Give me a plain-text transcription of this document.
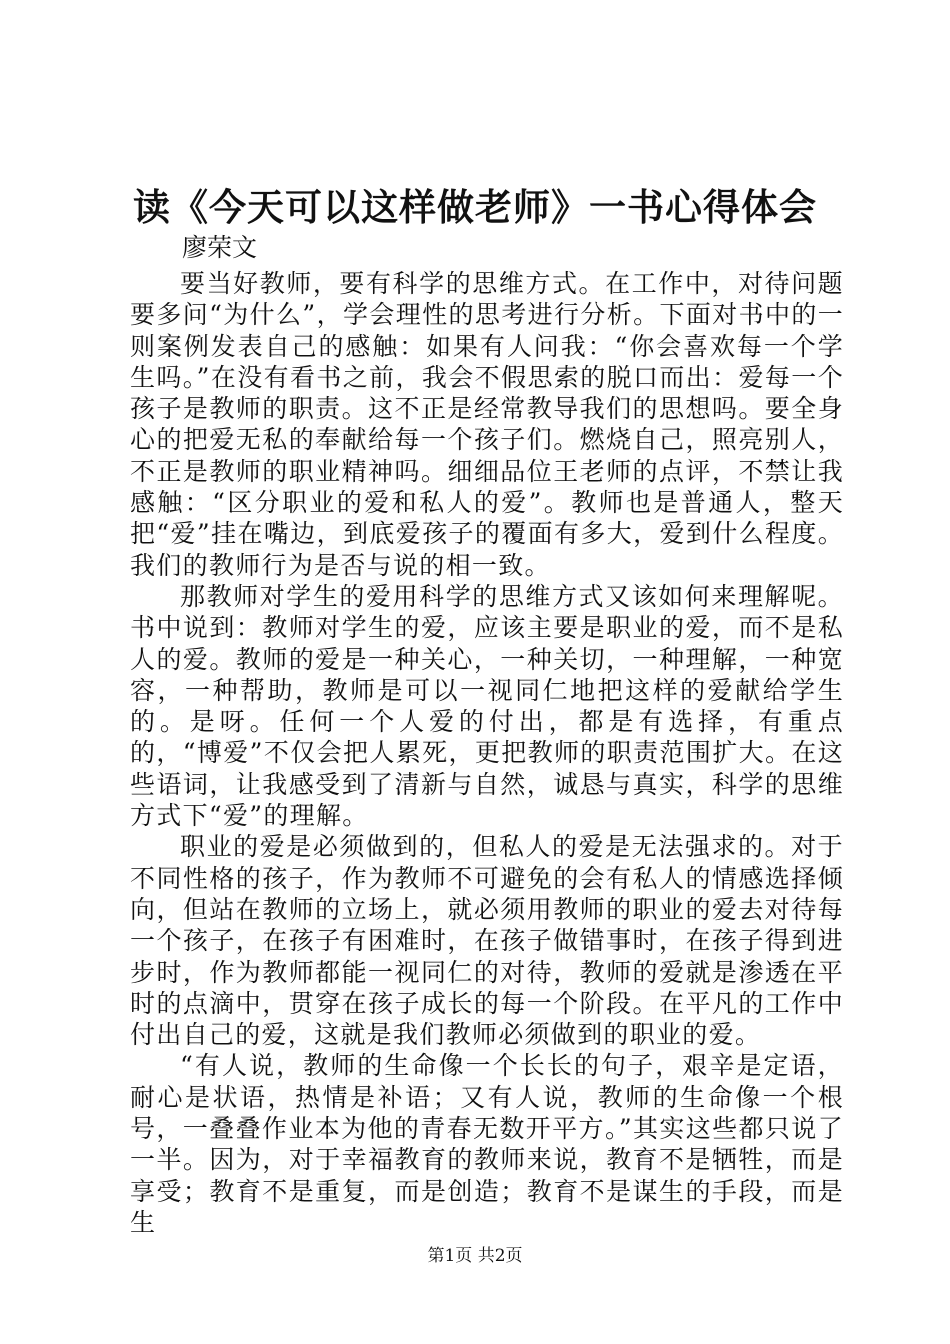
读《今天可以这样做老师》一书心得体会
廖荣文

要当好教师，要有科学的思维方式。在工作中，对待问题要多问“为什么”，学会理性的思考进行分析。下面对书中的一则案例发表自己的感触：如果有人问我：“你会喜欢每一个学生吗。”在没有看书之前，我会不假思索的脱口而出：爱每一个孩子是教师的职责。这不正是经常教导我们的思想吗。要全身心的把爱无私的奉献给每一个孩子们。燃烧自己，照亮别人，不正是教师的职业精神吗。细细品位王老师的点评，不禁让我感触：“区分职业的爱和私人的爱”。教师也是普通人，整天把“爱”挂在嘴边，到底爱孩子的覆面有多大，爱到什么程度。我们的教师行为是否与说的相一致。

那教师对学生的爱用科学的思维方式又该如何来理解呢。书中说到：教师对学生的爱，应该主要是职业的爱，而不是私人的爱。教师的爱是一种关心，一种关切，一种理解，一种宽容，一种帮助，教师是可以一视同仁地把这样的爱献给学生的。是呀。任何一个人爱的付出，都是有选择，有重点的，“博爱”不仅会把人累死，更把教师的职责范围扩大。在这些语词，让我感受到了清新与自然，诚恳与真实，科学的思维方式下“爱”的理解。

职业的爱是必须做到的，但私人的爱是无法强求的。对于不同性格的孩子，作为教师不可避免的会有私人的情感选择倾向，但站在教师的立场上，就必须用教师的职业的爱去对待每一个孩子，在孩子有困难时，在孩子做错事时，在孩子得到进步时，作为教师都能一视同仁的对待，教师的爱就是渗透在平时的点滴中，贯穿在孩子成长的每一个阶段。在平凡的工作中付出自己的爱，这就是我们教师必须做到的职业的爱。

“有人说，教师的生命像一个长长的句子，艰辛是定语，耐心是状语，热情是补语；又有人说，教师的生命像一个根号，一叠叠作业本为他的青春无数开平方。”其实这些都只说了一半。因为，对于幸福教育的教师来说，教育不是牺牲，而是享受；教育不是重复，而是创造；教育不是谋生的手段，而是生

第1页 共2页
